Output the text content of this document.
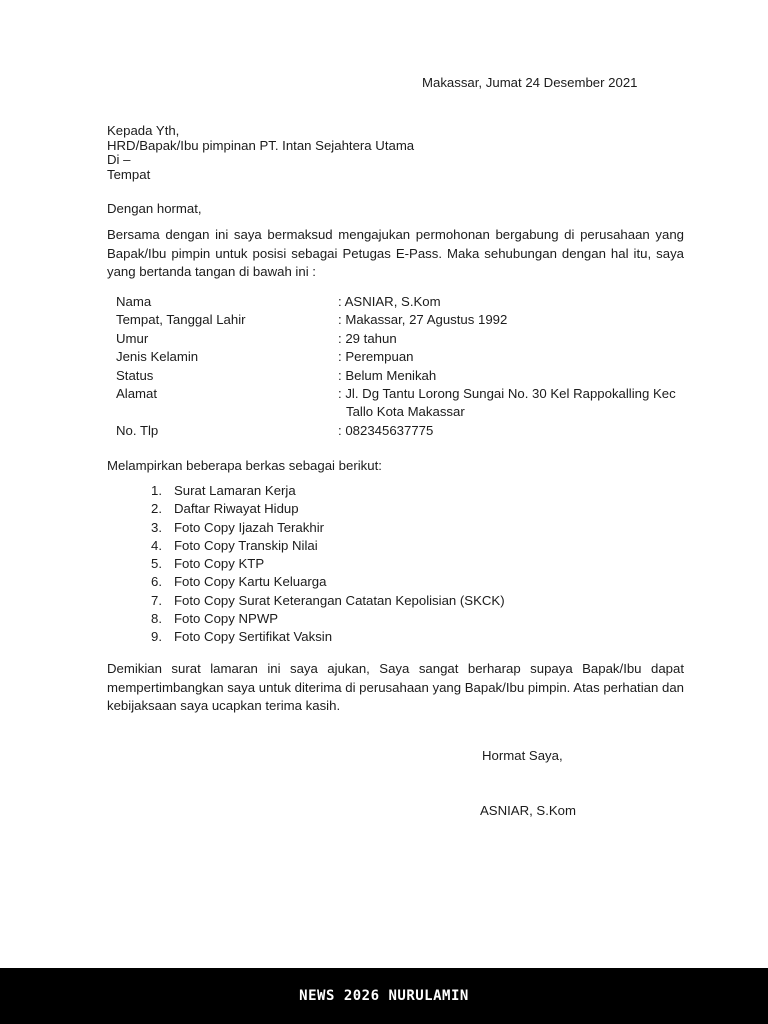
Makassar, Jumat 24 Desember 2021
Kepada Yth,
HRD/Bapak/Ibu pimpinan PT. Intan Sejahtera Utama
Di –
Tempat
Dengan hormat,
Bersama dengan ini saya bermaksud mengajukan permohonan bergabung di perusahaan yang Bapak/Ibu pimpin untuk posisi sebagai Petugas E-Pass. Maka sehubungan dengan hal itu, saya yang bertanda tangan di bawah ini :
Nama	: ASNIAR, S.Kom
Tempat, Tanggal Lahir	: Makassar, 27 Agustus 1992
Umur	: 29 tahun
Jenis Kelamin	: Perempuan
Status	: Belum Menikah
Alamat	: Jl. Dg Tantu Lorong Sungai No. 30 Kel Rappokalling Kec Tallo Kota Makassar
No. Tlp	: 082345637775
Melampirkan beberapa berkas sebagai berikut:
1. Surat Lamaran Kerja
2. Daftar Riwayat Hidup
3. Foto Copy Ijazah Terakhir
4. Foto Copy Transkip Nilai
5. Foto Copy KTP
6. Foto Copy Kartu Keluarga
7. Foto Copy Surat Keterangan Catatan Kepolisian (SKCK)
8. Foto Copy NPWP
9. Foto Copy Sertifikat Vaksin
Demikian surat lamaran ini saya ajukan, Saya sangat berharap supaya Bapak/Ibu dapat mempertimbangkan saya untuk diterima di perusahaan yang Bapak/Ibu pimpin. Atas perhatian dan kebijaksaan saya ucapkan terima kasih.
Hormat Saya,
ASNIAR, S.Kom
NEWS 2026 NURULAMIN
